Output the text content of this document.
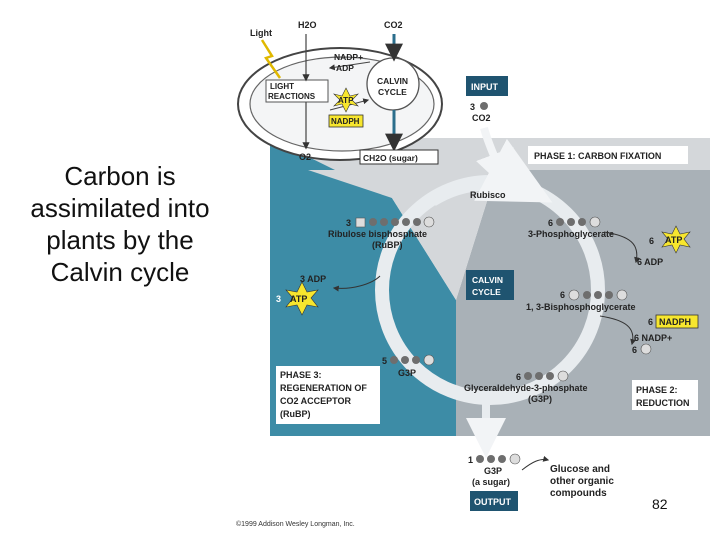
Carbon is
assimilated into
plants by the
Calvin cycle
Light
H2O	CO2
NADP+
ADP
LIGHT
REACTIONS	ATP
NADPH
CALVIN
CYCLE
O2	CH2O (sugar)
INPUT
3
CO2
PHASE 1: CARBON FIXATION
Rubisco
3
Ribulose bisphosphate
(RuBP)
6
3-Phosphoglycerate
6 ATP
6 ADP
3 ADP
3 ATP
CALVIN
CYCLE	6
1, 3-Bisphosphoglycerate
6 NADPH
6 NADP+
6
5
G3P	6
Glyceraldehyde-3-phosphate
(G3P)
PHASE 3:
REGENERATION OF
CO2 ACCEPTOR
(RuBP)
PHASE 2:
REDUCTION
1
G3P
(a sugar)
OUTPUT
Glucose and
other organic
compounds
©1999 Addison Wesley Longman, Inc.
82
